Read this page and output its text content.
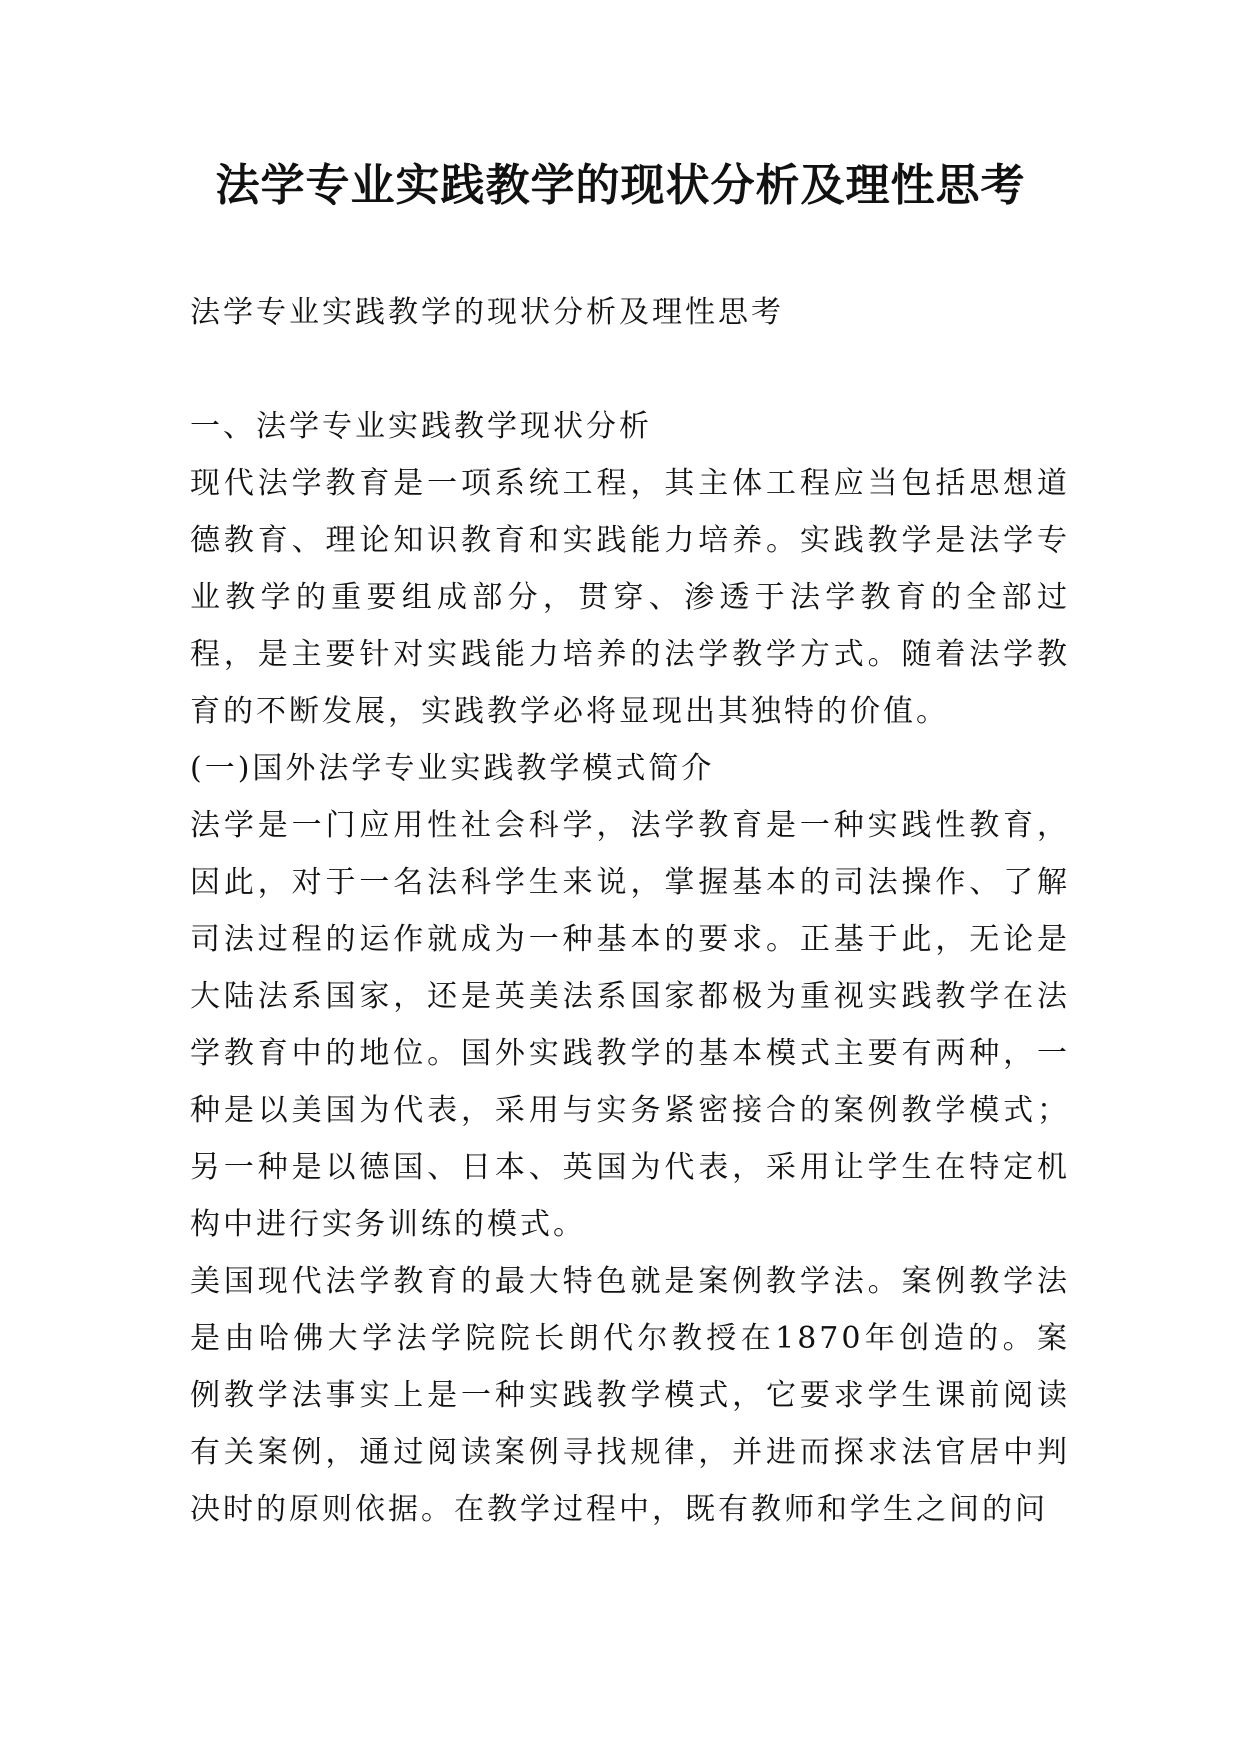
法学专业实践教学的现状分析及理性思考

法学专业实践教学的现状分析及理性思考

一、法学专业实践教学现状分析

现代法学教育是一项系统工程，其主体工程应当包括思想道德教育、理论知识教育和实践能力培养。实践教学是法学专业教学的重要组成部分，贯穿、渗透于法学教育的全部过程，是主要针对实践能力培养的法学教学方式。随着法学教育的不断发展，实践教学必将显现出其独特的价值。

(一)国外法学专业实践教学模式简介

法学是一门应用性社会科学，法学教育是一种实践性教育，因此，对于一名法科学生来说，掌握基本的司法操作、了解司法过程的运作就成为一种基本的要求。正基于此，无论是大陆法系国家，还是英美法系国家都极为重视实践教学在法学教育中的地位。国外实践教学的基本模式主要有两种，一种是以美国为代表，采用与实务紧密接合的案例教学模式；另一种是以德国、日本、英国为代表，采用让学生在特定机构中进行实务训练的模式。

美国现代法学教育的最大特色就是案例教学法。案例教学法是由哈佛大学法学院院长朗代尔教授在1870年创造的。案例教学法事实上是一种实践教学模式，它要求学生课前阅读有关案例，通过阅读案例寻找规律，并进而探求法官居中判决时的原则依据。在教学过程中，既有教师和学生之间的问
